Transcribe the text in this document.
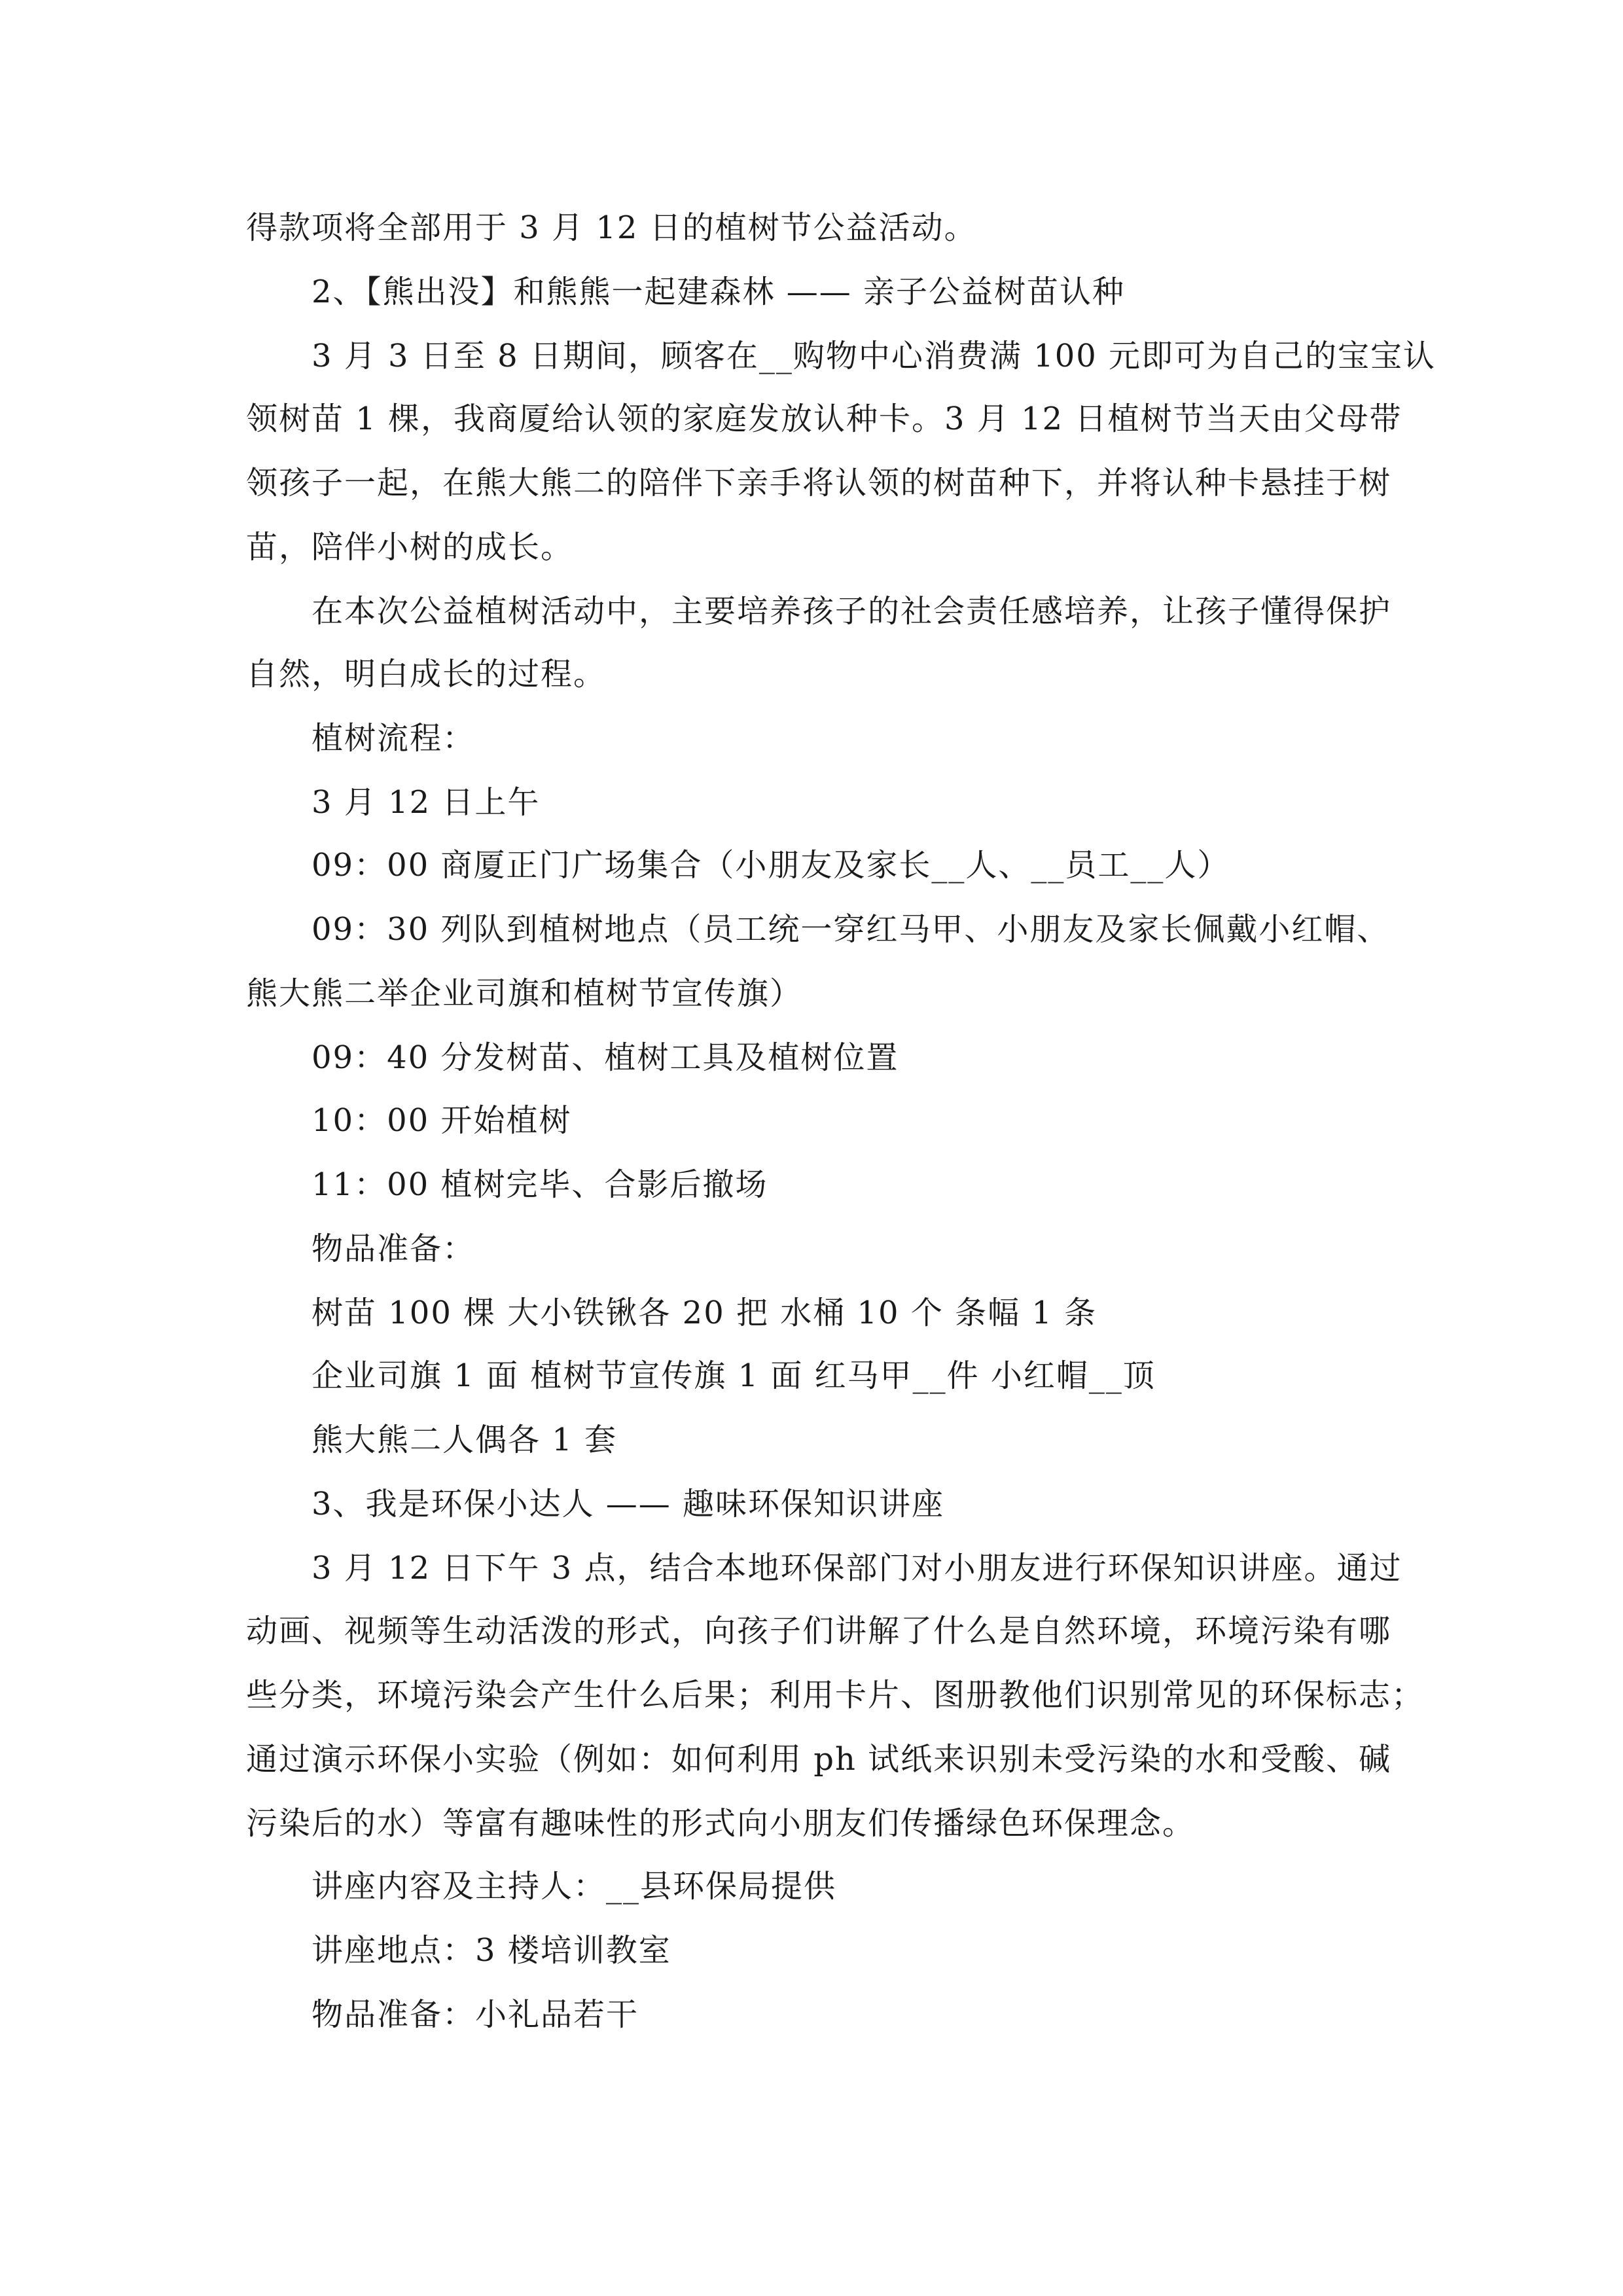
得款项将全部用于 3 月 12 日的植树节公益活动。
2、【熊出没】和熊熊一起建森林 —— 亲子公益树苗认种
3 月 3 日至 8 日期间，顾客在__购物中心消费满 100 元即可为自己的宝宝认
领树苗 1 棵，我商厦给认领的家庭发放认种卡。3 月 12 日植树节当天由父母带
领孩子一起，在熊大熊二的陪伴下亲手将认领的树苗种下，并将认种卡悬挂于树
苗，陪伴小树的成长。
在本次公益植树活动中，主要培养孩子的社会责任感培养，让孩子懂得保护
自然，明白成长的过程。
植树流程：
3 月 12 日上午
09：00 商厦正门广场集合（小朋友及家长__人、__员工__人）
09：30 列队到植树地点（员工统一穿红马甲、小朋友及家长佩戴小红帽、
熊大熊二举企业司旗和植树节宣传旗）
09：40 分发树苗、植树工具及植树位置
10：00 开始植树
11：00 植树完毕、合影后撤场
物品准备：
树苗 100 棵 大小铁锹各 20 把 水桶 10 个 条幅 1 条
企业司旗 1 面 植树节宣传旗 1 面 红马甲__件 小红帽__顶
熊大熊二人偶各 1 套
3、我是环保小达人 —— 趣味环保知识讲座
3 月 12 日下午 3 点，结合本地环保部门对小朋友进行环保知识讲座。通过
动画、视频等生动活泼的形式，向孩子们讲解了什么是自然环境，环境污染有哪
些分类，环境污染会产生什么后果；利用卡片、图册教他们识别常见的环保标志；
通过演示环保小实验（例如：如何利用 ph 试纸来识别未受污染的水和受酸、碱
污染后的水）等富有趣味性的形式向小朋友们传播绿色环保理念。
讲座内容及主持人：__县环保局提供
讲座地点：3 楼培训教室
物品准备：小礼品若干
